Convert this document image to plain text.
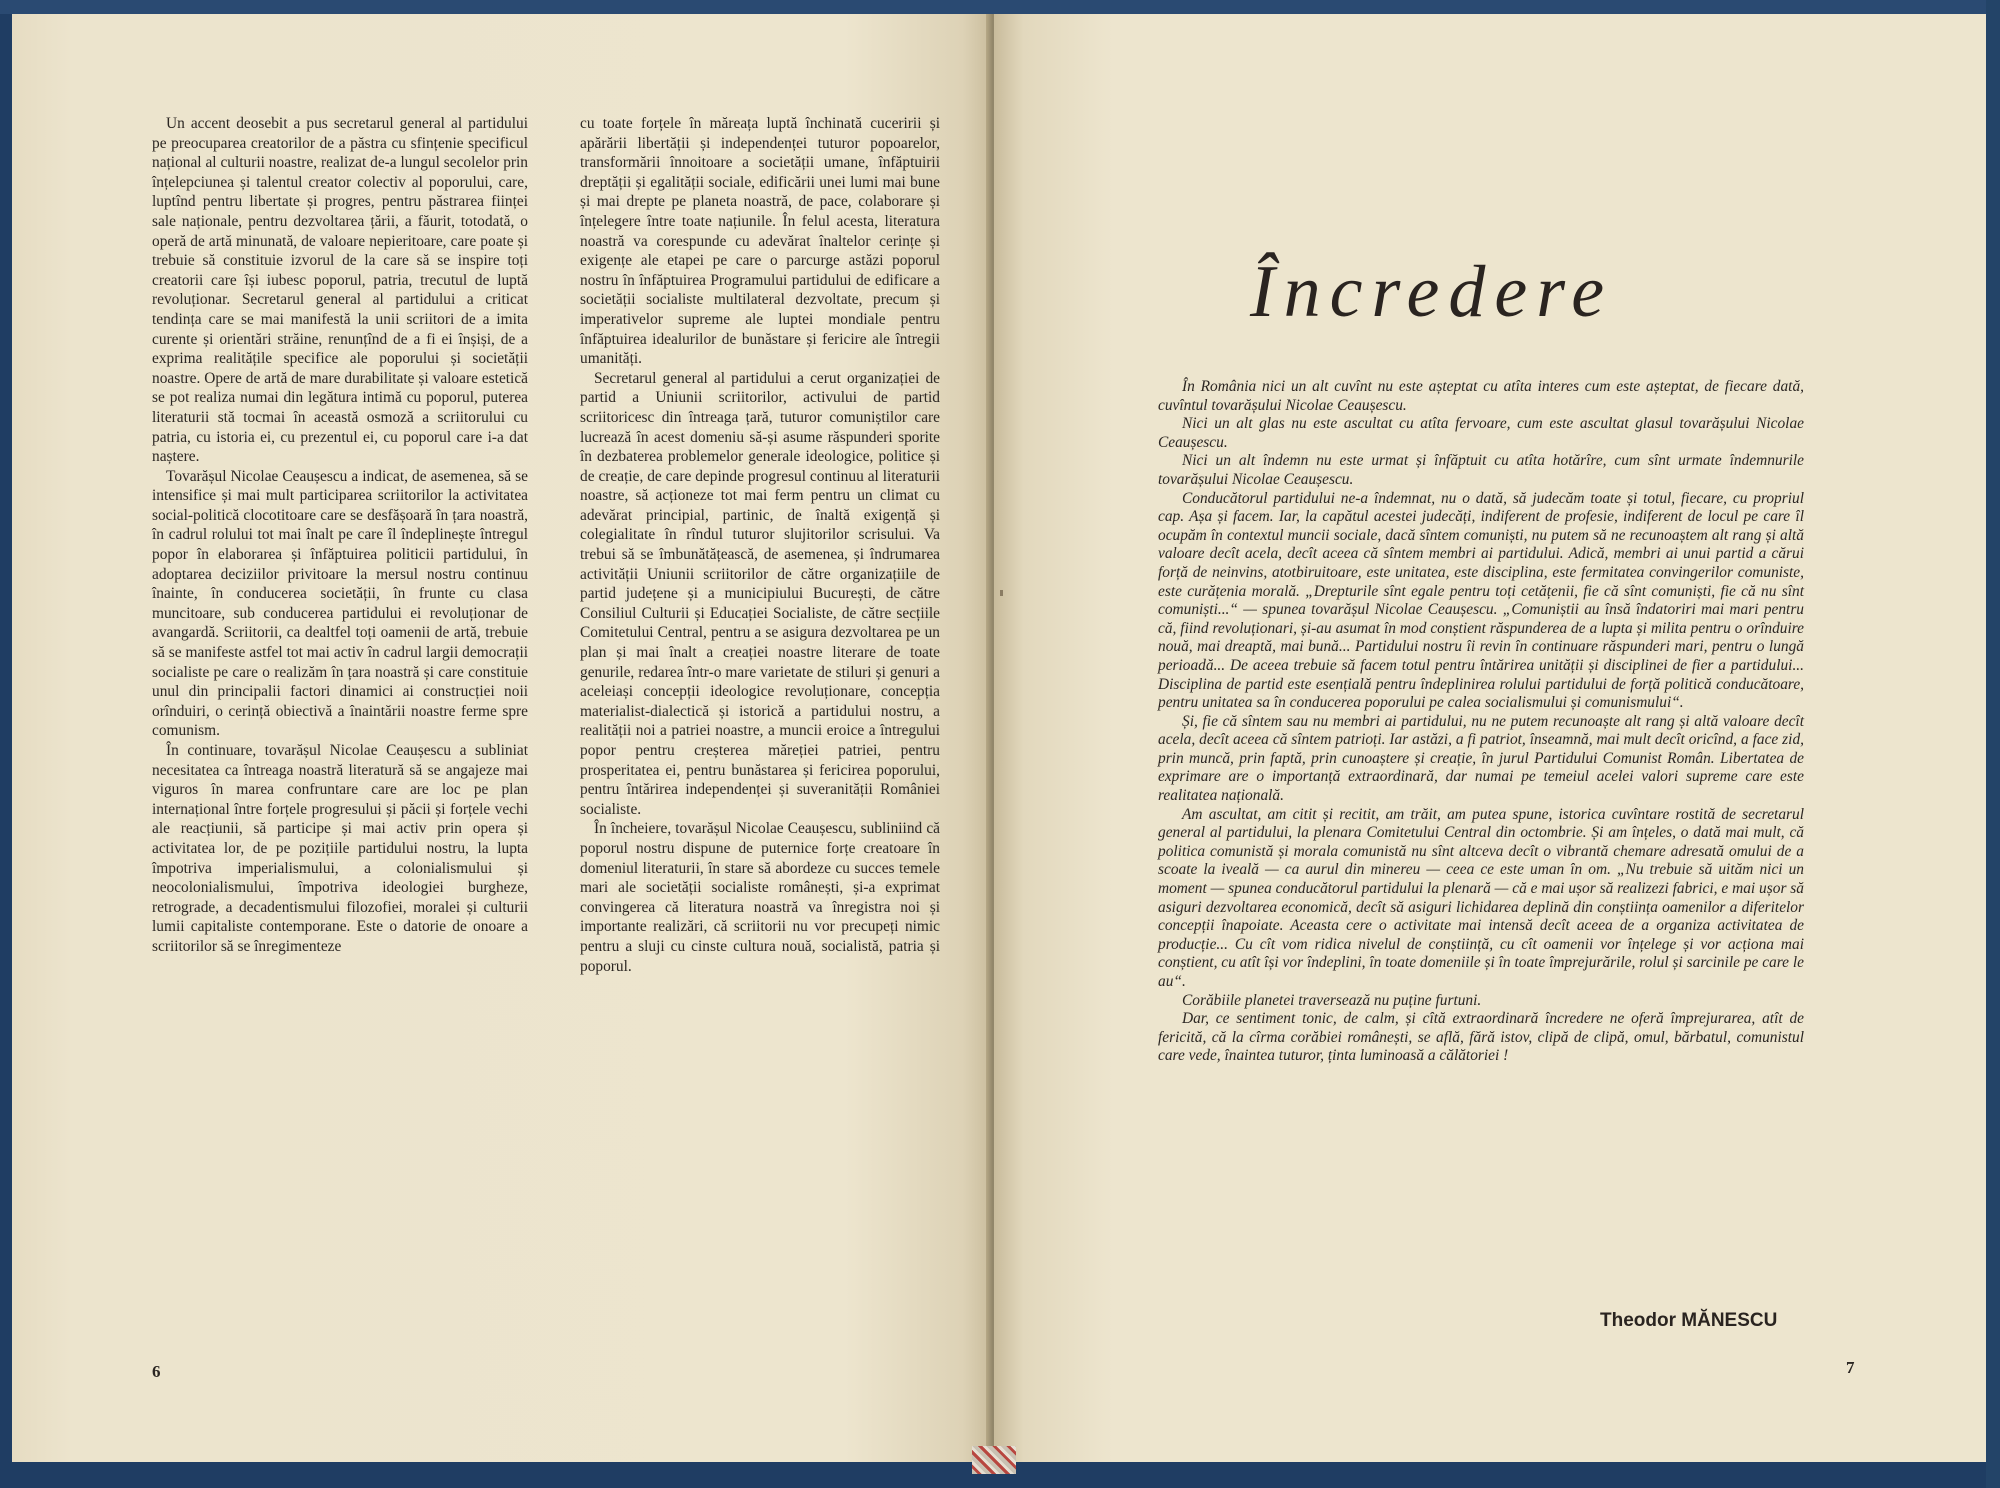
Un accent deosebit a pus secretarul general al partidului pe preocuparea creatorilor de a păstra cu sfințenie specificul național al culturii noastre, realizat de-a lungul secolelor prin înțelepciunea și talentul creator colectiv al poporului, care, luptînd pentru libertate și progres, pentru păstrarea ființei sale naționale, pentru dezvoltarea țării, a făurit, totodată, o operă de artă minunată, de valoare nepieritoare, care poate și trebuie să constituie izvorul de la care să se inspire toți creatorii care își iubesc poporul, patria, trecutul de luptă revoluționar. Secretarul general al partidului a criticat tendința care se mai manifestă la unii scriitori de a imita curente și orientări străine, renunțînd de a fi ei înșiși, de a exprima realitățile specifice ale poporului și societății noastre. Opere de artă de mare durabilitate și valoare estetică se pot realiza numai din legătura intimă cu poporul, puterea literaturii stă tocmai în această osmoză a scriitorului cu patria, cu istoria ei, cu prezentul ei, cu poporul care i-a dat naștere.

Tovarășul Nicolae Ceaușescu a indicat, de asemenea, să se intensifice și mai mult participarea scriitorilor la activitatea social-politică clocotitoare care se desfășoară în țara noastră, în cadrul rolului tot mai înalt pe care îl îndeplinește întregul popor în elaborarea și înfăptuirea politicii partidului, în adoptarea deciziilor privitoare la mersul nostru continuu înainte, în conducerea societății, în frunte cu clasa muncitoare, sub conducerea partidului ei revoluționar de avangardă. Scriitorii, ca dealtfel toți oamenii de artă, trebuie să se manifeste astfel tot mai activ în cadrul largii democrații socialiste pe care o realizăm în țara noastră și care constituie unul din principalii factori dinamici ai construcției noii orînduiri, o cerință obiectivă a înaintării noastre ferme spre comunism.

În continuare, tovarășul Nicolae Ceaușescu a subliniat necesitatea ca întreaga noastră literatură să se angajeze mai viguros în marea confruntare care are loc pe plan internațional între forțele progresului și păcii și forțele vechi ale reacțiunii, să participe și mai activ prin opera și activitatea lor, de pe pozițiile partidului nostru, la lupta împotriva imperialismului, a colonialismului și neocolonialismului, împotriva ideologiei burgheze, retrograde, a decadentismului filozofiei, moralei și culturii lumii capitaliste contemporane. Este o datorie de onoare a scriitorilor să se înregimenteze

cu toate forțele în măreața luptă închinată cuceririi și apărării libertății și independenței tuturor popoarelor, transformării înnoitoare a societății umane, înfăptuirii dreptății și egalității sociale, edificării unei lumi mai bune și mai drepte pe planeta noastră, de pace, colaborare și înțelegere între toate națiunile. În felul acesta, literatura noastră va corespunde cu adevărat înaltelor cerințe și exigențe ale etapei pe care o parcurge astăzi poporul nostru în înfăptuirea Programului partidului de edificare a societății socialiste multilateral dezvoltate, precum și imperativelor supreme ale luptei mondiale pentru înfăptuirea idealurilor de bunăstare și fericire ale întregii umanități.

Secretarul general al partidului a cerut organizației de partid a Uniunii scriitorilor, activului de partid scriitoricesc din întreaga țară, tuturor comuniștilor care lucrează în acest domeniu să-și asume răspunderi sporite în dezbaterea problemelor generale ideologice, politice și de creație, de care depinde progresul continuu al literaturii noastre, să acționeze tot mai ferm pentru un climat cu adevărat principial, partinic, de înaltă exigență și colegialitate în rîndul tuturor slujitorilor scrisului. Va trebui să se îmbunătățească, de asemenea, și îndrumarea activității Uniunii scriitorilor de către organizațiile de partid județene și a municipiului București, de către Consiliul Culturii și Educației Socialiste, de către secțiile Comitetului Central, pentru a se asigura dezvoltarea pe un plan și mai înalt a creației noastre literare de toate genurile, redarea într-o mare varietate de stiluri și genuri a aceleiași concepții ideologice revoluționare, concepția materialist-dialectică și istorică a partidului nostru, a realității noi a patriei noastre, a muncii eroice a întregului popor pentru creșterea măreției patriei, pentru prosperitatea ei, pentru bunăstarea și fericirea poporului, pentru întărirea independenței și suveranității României socialiste.

În încheiere, tovarășul Nicolae Ceaușescu, subliniind că poporul nostru dispune de puternice forțe creatoare în domeniul literaturii, în stare să abordeze cu succes temele mari ale societății socialiste românești, și-a exprimat convingerea că literatura noastră va înregistra noi și importante realizări, că scriitorii nu vor precupeți nimic pentru a sluji cu cinste cultura nouă, socialistă, patria și poporul.

6
Încredere

În România nici un alt cuvînt nu este așteptat cu atîta interes cum este așteptat, de fiecare dată, cuvîntul tovarășului Nicolae Ceaușescu.

Nici un alt glas nu este ascultat cu atîta fervoare, cum este ascultat glasul tovarășului Nicolae Ceaușescu.

Nici un alt îndemn nu este urmat și înfăptuit cu atîta hotărîre, cum sînt urmate îndemnurile tovarășului Nicolae Ceaușescu.

Conducătorul partidului ne-a îndemnat, nu o dată, să judecăm toate și totul, fiecare, cu propriul cap. Așa și facem. Iar, la capătul acestei judecăți, indiferent de profesie, indiferent de locul pe care îl ocupăm în contextul muncii sociale, dacă sîntem comuniști, nu putem să ne recunoaștem alt rang și altă valoare decît acela, decît aceea că sîntem membri ai partidului. Adică, membri ai unui partid a cărui forță de neinvins, atotbiruitoare, este unitatea, este disciplina, este fermitatea convingerilor comuniste, este curățenia morală. „Drepturile sînt egale pentru toți cetățenii, fie că sînt comuniști, fie că nu sînt comuniști...“ — spunea tovarășul Nicolae Ceaușescu. „Comuniștii au însă îndatoriri mai mari pentru că, fiind revoluționari, și-au asumat în mod conștient răspunderea de a lupta și milita pentru o orînduire nouă, mai dreaptă, mai bună... Partidului nostru îi revin în continuare răspunderi mari, pentru o lungă perioadă... De aceea trebuie să facem totul pentru întărirea unității și disciplinei de fier a partidului... Disciplina de partid este esențială pentru îndeplinirea rolului partidului de forță politică conducătoare, pentru unitatea sa în conducerea poporului pe calea socialismului și comunismului“.

Și, fie că sîntem sau nu membri ai partidului, nu ne putem recunoaște alt rang și altă valoare decît acela, decît aceea că sîntem patrioți. Iar astăzi, a fi patriot, înseamnă, mai mult decît oricînd, a face zid, prin muncă, prin faptă, prin cunoaștere și creație, în jurul Partidului Comunist Român. Libertatea de exprimare are o importanță extraordinară, dar numai pe temeiul acelei valori supreme care este realitatea națională.

Am ascultat, am citit și recitit, am trăit, am putea spune, istorica cuvîntare rostită de secretarul general al partidului, la plenara Comitetului Central din octombrie. Și am înțeles, o dată mai mult, că politica comunistă și morala comunistă nu sînt altceva decît o vibrantă chemare adresată omului de a scoate la iveală — ca aurul din minereu — ceea ce este uman în om. „Nu trebuie să uităm nici un moment — spunea conducătorul partidului la plenară — că e mai ușor să realizezi fabrici, e mai ușor să asiguri dezvoltarea economică, decît să asiguri lichidarea deplină din conștiința oamenilor a diferitelor concepții înapoiate. Aceasta cere o activitate mai intensă decît aceea de a organiza activitatea de producție... Cu cît vom ridica nivelul de conștiință, cu cît oamenii vor înțelege și vor acționa mai conștient, cu atît își vor îndeplini, în toate domeniile și în toate împrejurările, rolul și sarcinile pe care le au“.

Corăbiile planetei traversează nu puține furtuni.

Dar, ce sentiment tonic, de calm, și cîtă extraordinară încredere ne oferă împrejurarea, atît de fericită, că la cîrma corăbiei românești, se află, fără istov, clipă de clipă, omul, bărbatul, comunistul care vede, înaintea tuturor, ținta luminoasă a călătoriei !

Theodor MĂNESCU
7
